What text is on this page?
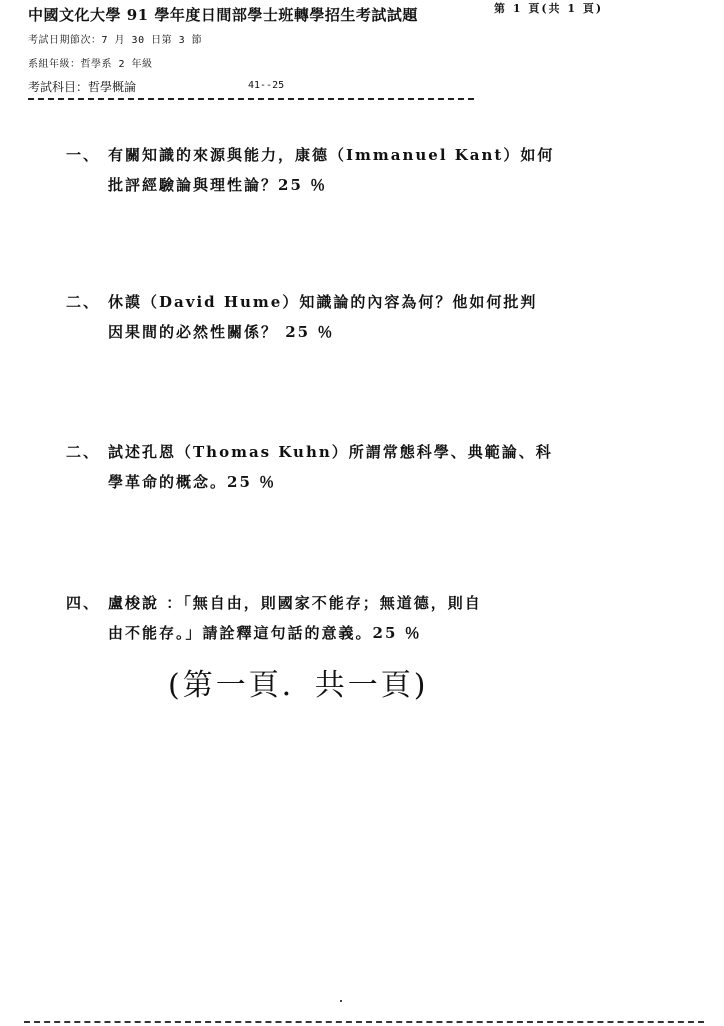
中國文化大學 91 學年度日間部學士班轉學招生考試試題	第 1 頁(共 1 頁)
考試日期節次：7 月 30 日第 3 節
系組年級：哲學系 2 年級
考試科目：哲學概論	41--25
一、 有關知識的來源與能力，康德（Immanuel Kant）如何
批評經驗論與理性論？25 ％
二、 休謨（David Hume）知識論的內容為何？他如何批判
因果間的必然性關係？ 25 ％
二、 試述孔恩（Thomas Kuhn）所謂常態科學、典範論、科
學革命的概念。25 ％
四、 盧梭說 ：「無自由，則國家不能存；無道德，則自
由不能存。」請詮釋這句話的意義。25 ％
(第一頁．共一頁)
